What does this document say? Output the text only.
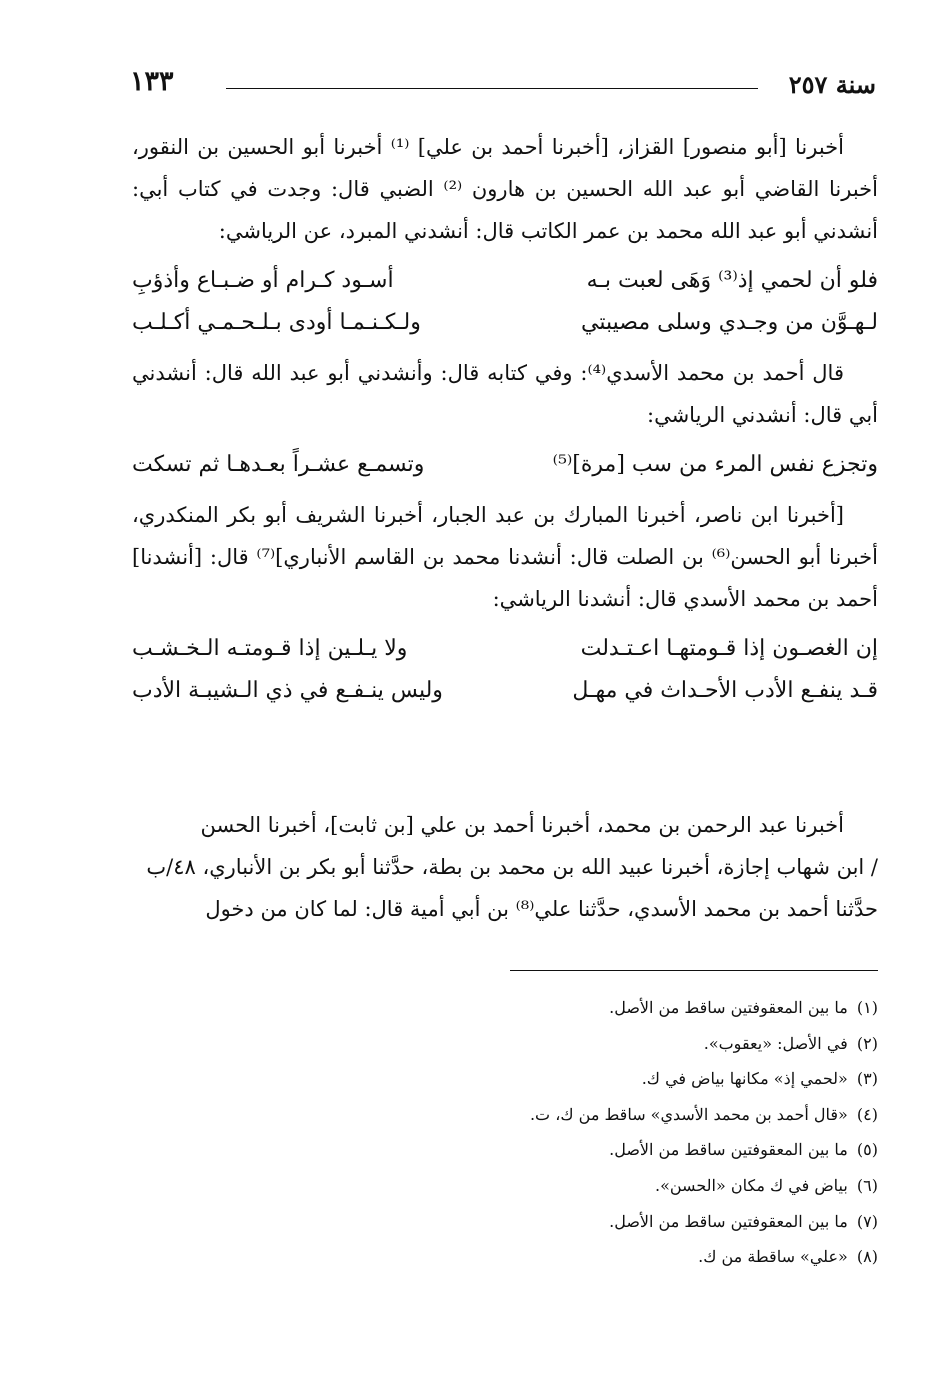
سنة ٢٥٧
١٣٣

أخبرنا [أبو منصور] القزاز، [أخبرنا أحمد بن علي] ⁽¹⁾ أخبرنا أبو الحسين بن النقور، أخبرنا القاضي أبو عبد الله الحسين بن هارون ⁽²⁾ الضبي قال: وجدت في كتاب أبي: أنشدني أبو عبد الله محمد بن عمر الكاتب قال: أنشدني المبرد، عن الرياشي:

فلو أن لحمي إذ⁽³⁾ وَهَى لعبت بـه
أسـود كـرام أو ضـبـاع وأذؤبِ
لـهـوَّن من وجـدي وسلى مصيبتي
ولـكـنـمـا أودى بـلـحـمـي أكـلـب

قال أحمد بن محمد الأسدي⁽⁴⁾: وفي كتابه قال: وأنشدني أبو عبد الله قال: أنشدني أبي قال: أنشدني الرياشي:

وتجزع نفس المرء من سب [مرة]⁽⁵⁾
وتسمـع عشـراً بعـدهـا ثم تسكت

[أخبرنا ابن ناصر، أخبرنا المبارك بن عبد الجبار، أخبرنا الشريف أبو بكر المنكدري، أخبرنا أبو الحسن⁽⁶⁾ بن الصلت قال: أنشدنا محمد بن القاسم الأنباري]⁽⁷⁾ قال: [أنشدنا] أحمد بن محمد الأسدي قال: أنشدنا الرياشي:

إن الغصـون إذا قـومتهـا اعـتـدلت
ولا يـلـين إذا قـومتـه الـخـشـب
قـد ينفـع الأدب الأحـداث في مهـل
وليس ينـفـع في ذي الـشيبـة الأدب

أخبرنا عبد الرحمن بن محمد، أخبرنا أحمد بن علي [بن ثابت]، أخبرنا الحسن

/ ابن شهاب إجازة، أخبرنا عبيد الله بن محمد بن بطة، حدَّثنا أبو بكر بن الأنباري، ٤٨/ب

حدَّثنا أحمد بن محمد الأسدي، حدَّثنا علي⁽⁸⁾ بن أبي أمية قال: لما كان من دخول

(١) ما بين المعقوفتين ساقط من الأصل.
(٢) في الأصل: «يعقوب».
(٣) «لحمي إذ» مكانها بياض في ك.
(٤) «قال أحمد بن محمد الأسدي» ساقط من ك، ت.
(٥) ما بين المعقوفتين ساقط من الأصل.
(٦) بياض في ك مكان «الحسن».
(٧) ما بين المعقوفتين ساقط من الأصل.
(٨) «علي» ساقطة من ك.
